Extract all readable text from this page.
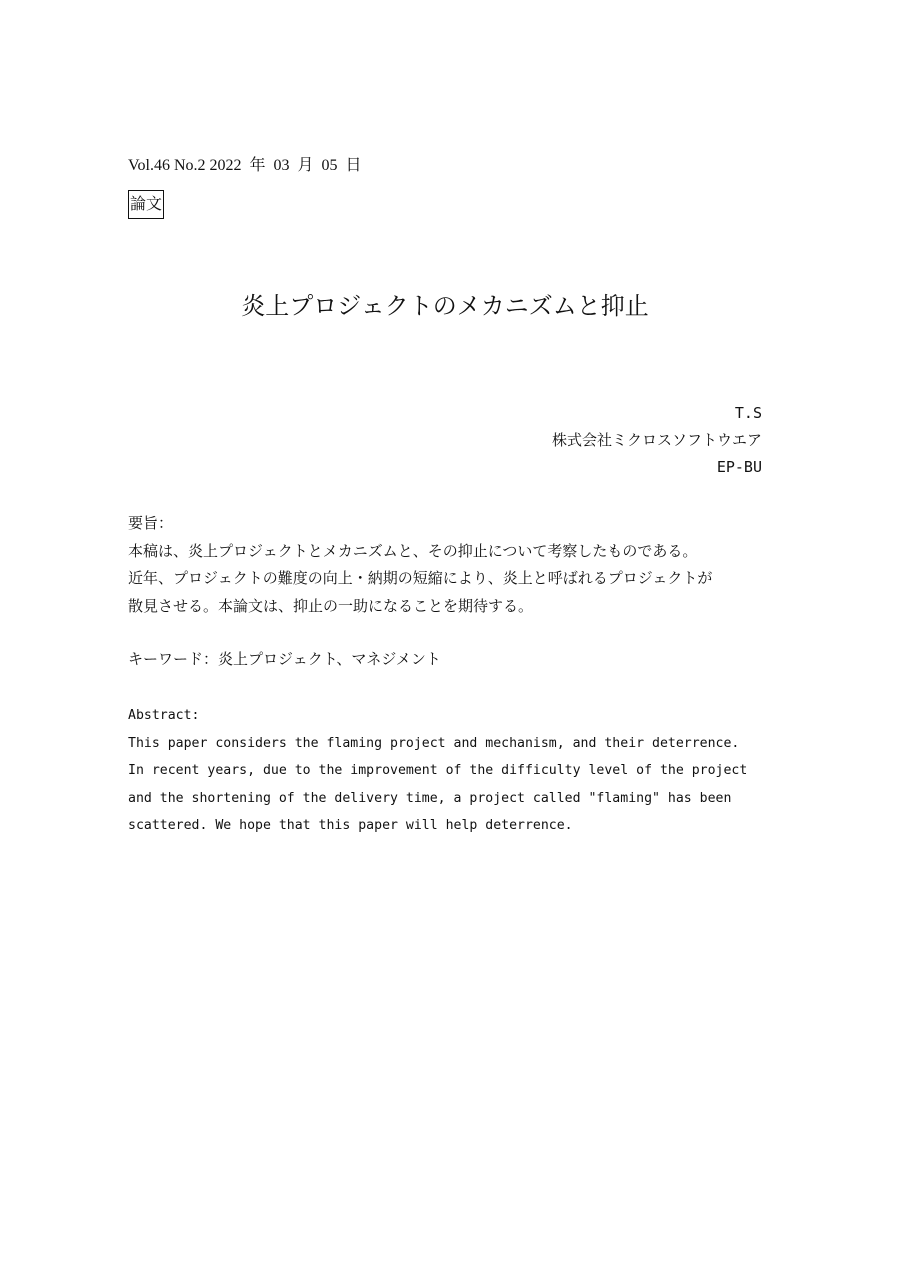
Vol.46 No.2 2022 年 03 月 05 日
論文
炎上プロジェクトのメカニズムと抑止
T.S
株式会社ミクロスソフトウエア
EP-BU
要旨：
本稿は、炎上プロジェクトとメカニズムと、その抑止について考察したものである。
近年、プロジェクトの難度の向上・納期の短縮により、炎上と呼ばれるプロジェクトが
散見させる。本論文は、抑止の一助になることを期待する。
キーワード：炎上プロジェクト、マネジメント
Abstract:
This paper considers the flaming project and mechanism, and their deterrence.
In recent years, due to the improvement of the difficulty level of the project
and the shortening of the delivery time, a project called "flaming" has been
scattered. We hope that this paper will help deterrence.
